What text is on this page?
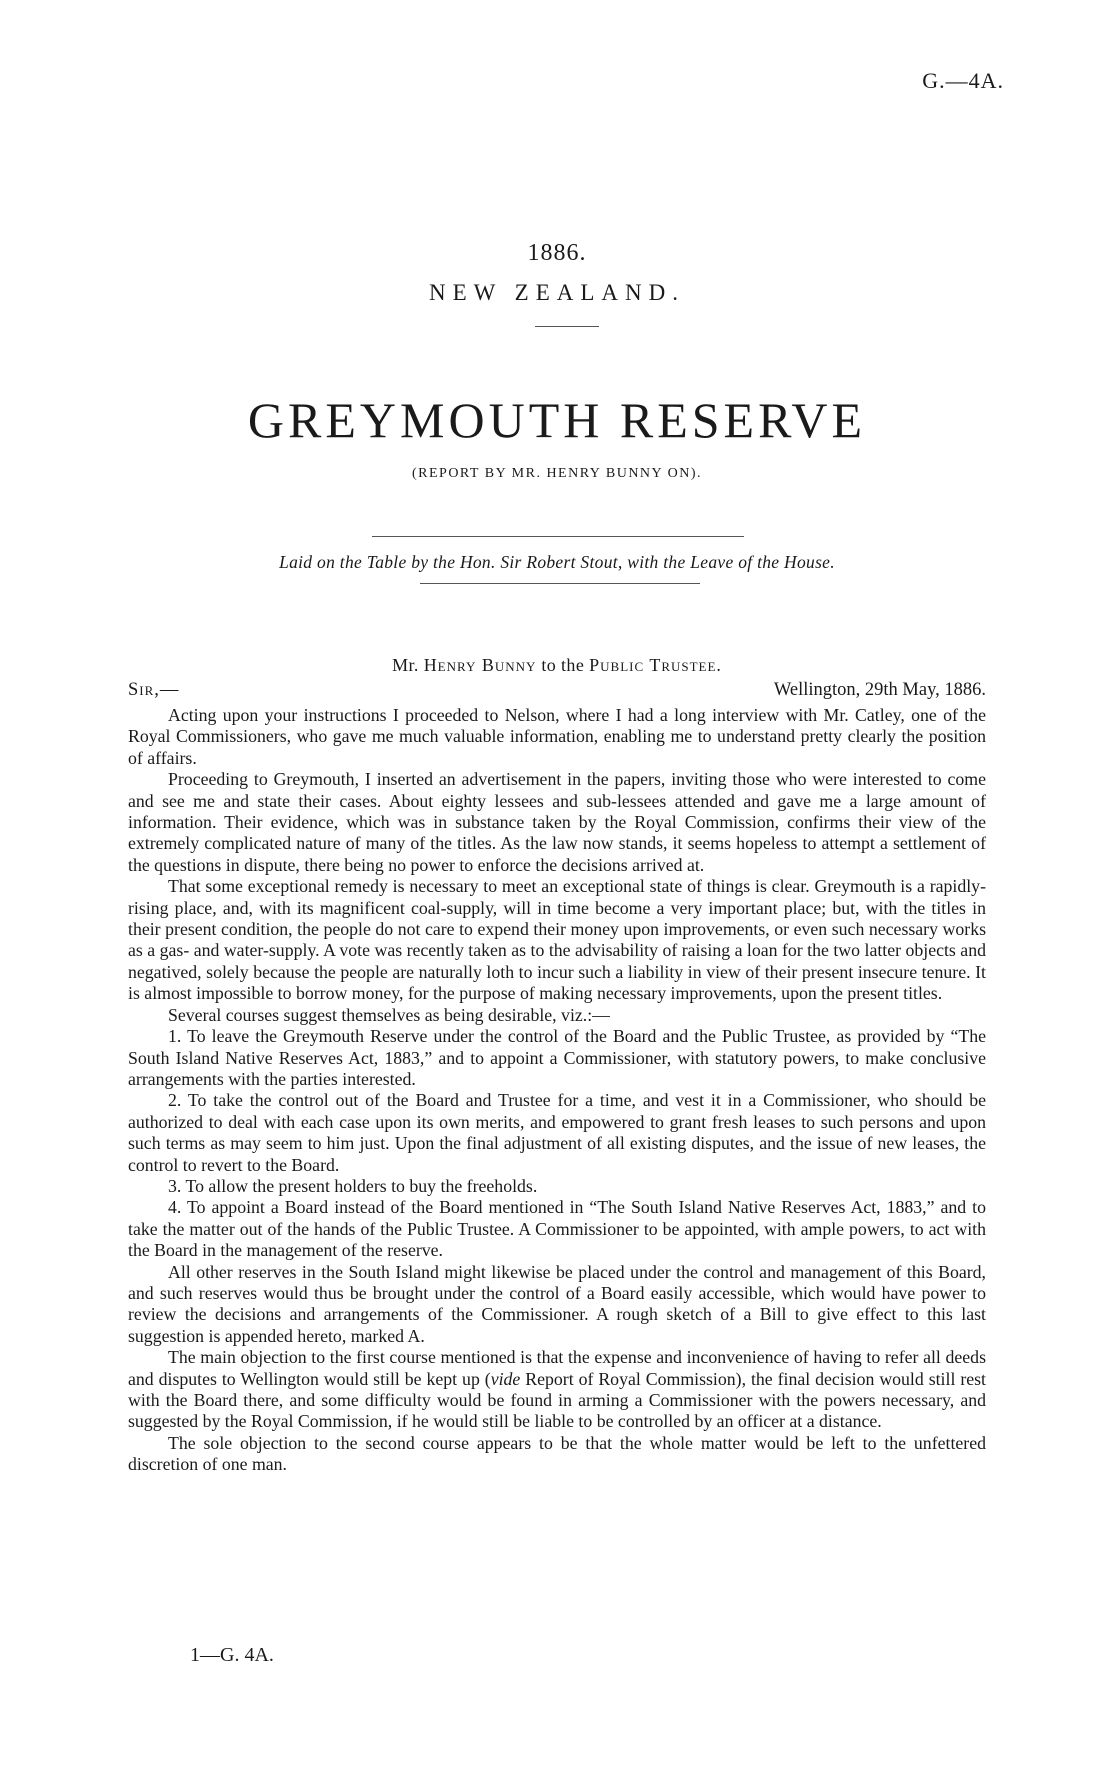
G.—4A.
1886.
NEW ZEALAND.
GREYMOUTH RESERVE
(REPORT BY MR. HENRY BUNNY ON).
Laid on the Table by the Hon. Sir Robert Stout, with the Leave of the House.
Mr. Henry Bunny to the Public Trustee.
Sir,—	Wellington, 29th May, 1886.

Acting upon your instructions I proceeded to Nelson, where I had a long interview with Mr. Catley, one of the Royal Commissioners, who gave me much valuable information, enabling me to understand pretty clearly the position of affairs.

Proceeding to Greymouth, I inserted an advertisement in the papers, inviting those who were interested to come and see me and state their cases. About eighty lessees and sub-lessees attended and gave me a large amount of information. Their evidence, which was in substance taken by the Royal Commission, confirms their view of the extremely complicated nature of many of the titles. As the law now stands, it seems hopeless to attempt a settlement of the questions in dispute, there being no power to enforce the decisions arrived at.

That some exceptional remedy is necessary to meet an exceptional state of things is clear. Greymouth is a rapidly-rising place, and, with its magnificent coal-supply, will in time become a very important place; but, with the titles in their present condition, the people do not care to expend their money upon improvements, or even such necessary works as a gas- and water-supply. A vote was recently taken as to the advisability of raising a loan for the two latter objects and negatived, solely because the people are naturally loth to incur such a liability in view of their present insecure tenure. It is almost impossible to borrow money, for the purpose of making necessary improvements, upon the present titles.

Several courses suggest themselves as being desirable, viz.:—

1. To leave the Greymouth Reserve under the control of the Board and the Public Trustee, as provided by “The South Island Native Reserves Act, 1883,” and to appoint a Commissioner, with statutory powers, to make conclusive arrangements with the parties interested.

2. To take the control out of the Board and Trustee for a time, and vest it in a Commissioner, who should be authorized to deal with each case upon its own merits, and empowered to grant fresh leases to such persons and upon such terms as may seem to him just. Upon the final adjustment of all existing disputes, and the issue of new leases, the control to revert to the Board.

3. To allow the present holders to buy the freeholds.

4. To appoint a Board instead of the Board mentioned in “The South Island Native Reserves Act, 1883,” and to take the matter out of the hands of the Public Trustee. A Commissioner to be appointed, with ample powers, to act with the Board in the management of the reserve.

All other reserves in the South Island might likewise be placed under the control and management of this Board, and such reserves would thus be brought under the control of a Board easily accessible, which would have power to review the decisions and arrangements of the Commissioner. A rough sketch of a Bill to give effect to this last suggestion is appended hereto, marked A.

The main objection to the first course mentioned is that the expense and inconvenience of having to refer all deeds and disputes to Wellington would still be kept up (vide Report of Royal Commission), the final decision would still rest with the Board there, and some difficulty would be found in arming a Commissioner with the powers necessary, and suggested by the Royal Commission, if he would still be liable to be controlled by an officer at a distance.

The sole objection to the second course appears to be that the whole matter would be left to the unfettered discretion of one man.

1—G. 4A.
